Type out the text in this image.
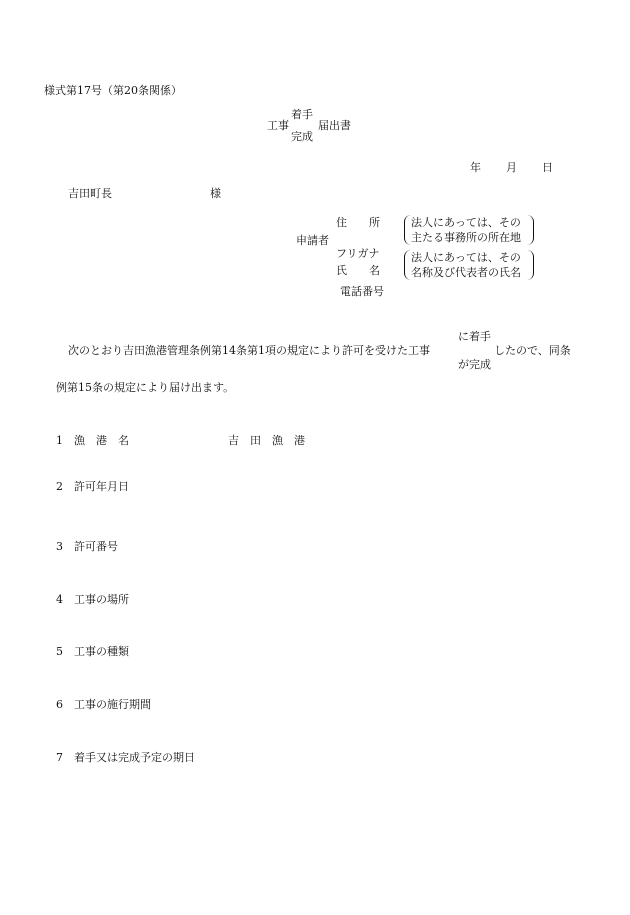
様式第17号（第20条関係）
着手
工事
完成
届出書
年 月 日
吉田町長	様
住　　所
申請者
フリガナ
氏　　名
電話番号
法人にあっては、その
主たる事務所の所在地
法人にあっては、その
名称及び代表者の氏名
に着手
次のとおり吉田漁港管理条例第14条第1項の規定により許可を受けた工事
が完成
したので、同条
例第15条の規定により届け出ます。
1 漁　港　名	吉　田　漁　港
2 許可年月日
3 許可番号
4 工事の場所
5 工事の種類
6 工事の施行期間
7 着手又は完成予定の期日
